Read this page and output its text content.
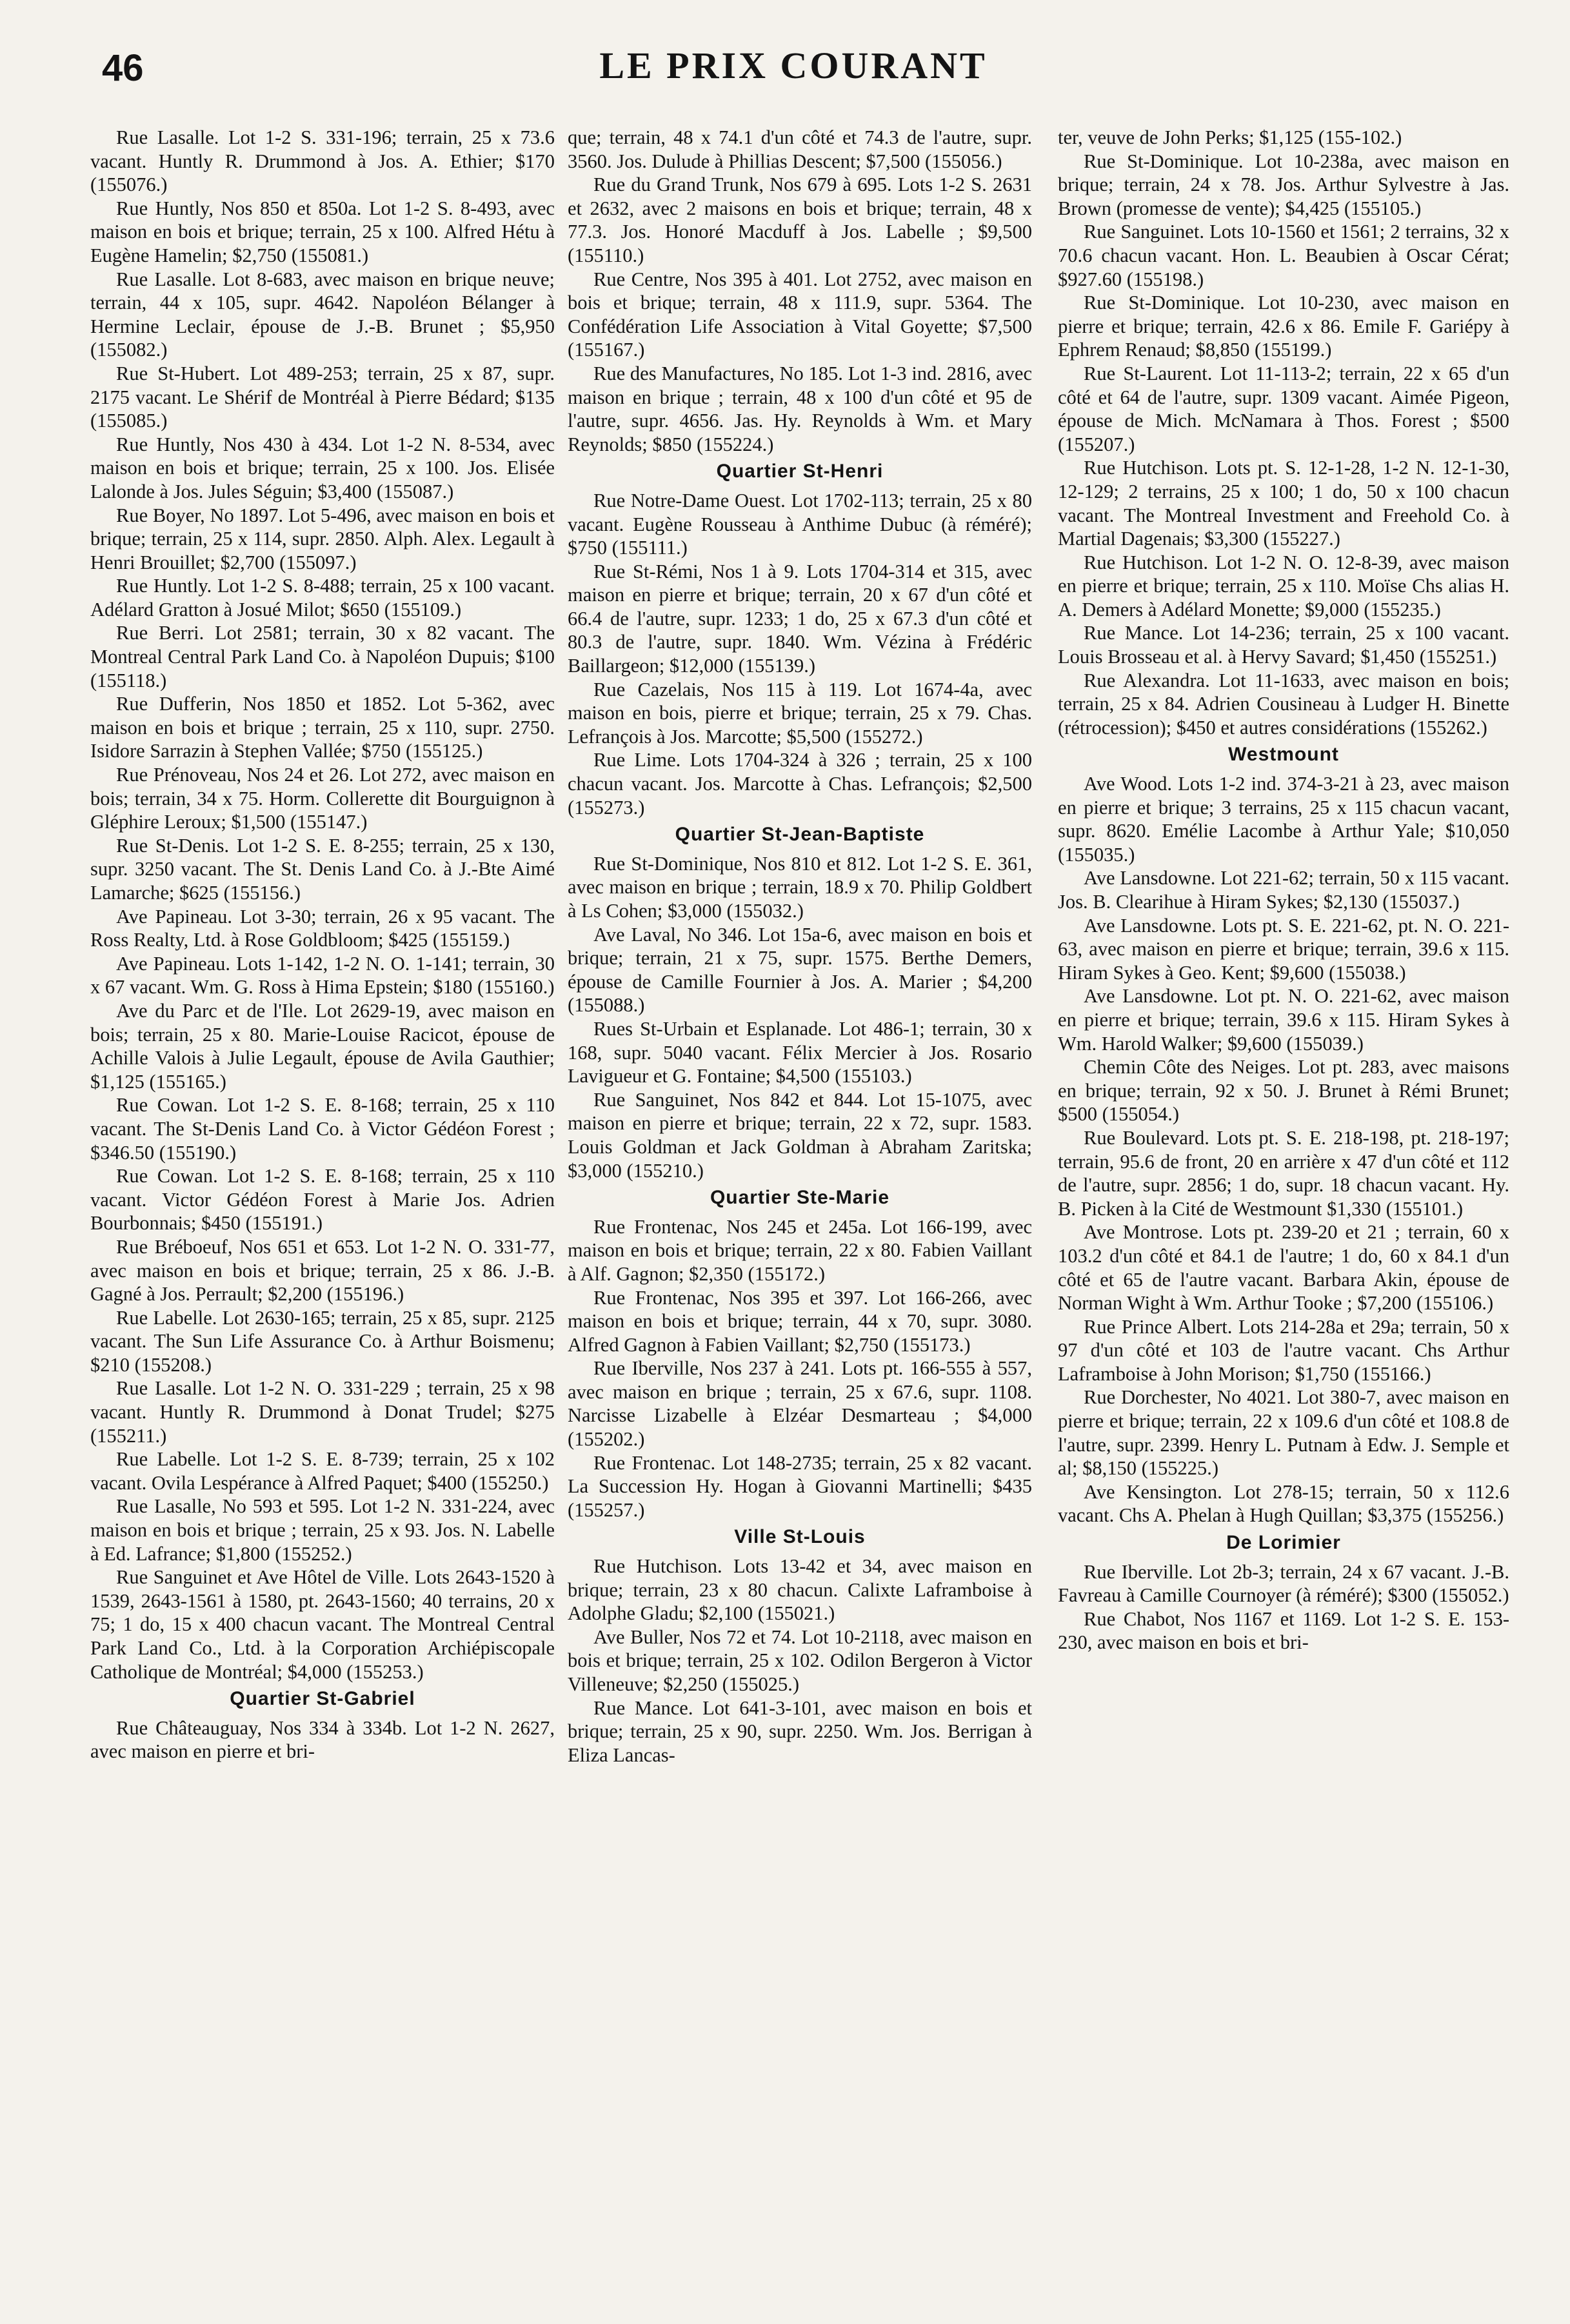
46	LE PRIX COURANT

Rue Lasalle. Lot 1-2 S. 331-196; terrain, 25 x 73.6 vacant. Huntly R. Drummond à Jos. A. Ethier; $170 (155076.)

Rue Huntly, Nos 850 et 850a. Lot 1-2 S. 8-493, avec maison en bois et brique; terrain, 25 x 100. Alfred Hétu à Eugène Hamelin; $2,750 (155081.)

Rue Lasalle. Lot 8-683, avec maison en brique neuve; terrain, 44 x 105, supr. 4642. Napoléon Bélanger à Hermine Leclair, épouse de J.-B. Brunet ; $5,950 (155082.)

Rue St-Hubert. Lot 489-253; terrain, 25 x 87, supr. 2175 vacant. Le Shérif de Montréal à Pierre Bédard; $135 (155085.)

Rue Huntly, Nos 430 à 434. Lot 1-2 N. 8-534, avec maison en bois et brique; terrain, 25 x 100. Jos. Elisée Lalonde à Jos. Jules Séguin; $3,400 (155087.)

Rue Boyer, No 1897. Lot 5-496, avec maison en bois et brique; terrain, 25 x 114, supr. 2850. Alph. Alex. Legault à Henri Brouillet; $2,700 (155097.)

Rue Huntly. Lot 1-2 S. 8-488; terrain, 25 x 100 vacant. Adélard Gratton à Josué Milot; $650 (155109.)

Rue Berri. Lot 2581; terrain, 30 x 82 vacant. The Montreal Central Park Land Co. à Napoléon Dupuis; $100 (155118.)

Rue Dufferin, Nos 1850 et 1852. Lot 5-362, avec maison en bois et brique ; terrain, 25 x 110, supr. 2750. Isidore Sarrazin à Stephen Vallée; $750 (155125.)

Rue Prénoveau, Nos 24 et 26. Lot 272, avec maison en bois; terrain, 34 x 75. Horm. Collerette dit Bourguignon à Gléphire Leroux; $1,500 (155147.)

Rue St-Denis. Lot 1-2 S. E. 8-255; terrain, 25 x 130, supr. 3250 vacant. The St. Denis Land Co. à J.-Bte Aimé Lamarche; $625 (155156.)

Ave Papineau. Lot 3-30; terrain, 26 x 95 vacant. The Ross Realty, Ltd. à Rose Goldbloom; $425 (155159.)

Ave Papineau. Lots 1-142, 1-2 N. O. 1-141; terrain, 30 x 67 vacant. Wm. G. Ross à Hima Epstein; $180 (155160.)

Ave du Parc et de l'Ile. Lot 2629-19, avec maison en bois; terrain, 25 x 80. Marie-Louise Racicot, épouse de Achille Valois à Julie Legault, épouse de Avila Gauthier; $1,125 (155165.)

Rue Cowan. Lot 1-2 S. E. 8-168; terrain, 25 x 110 vacant. The St-Denis Land Co. à Victor Gédéon Forest ; $346.50 (155190.)

Rue Cowan. Lot 1-2 S. E. 8-168; terrain, 25 x 110 vacant. Victor Gédéon Forest à Marie Jos. Adrien Bourbonnais; $450 (155191.)

Rue Bréboeuf, Nos 651 et 653. Lot 1-2 N. O. 331-77, avec maison en bois et brique; terrain, 25 x 86. J.-B. Gagné à Jos. Perrault; $2,200 (155196.)

Rue Labelle. Lot 2630-165; terrain, 25 x 85, supr. 2125 vacant. The Sun Life Assurance Co. à Arthur Boismenu; $210 (155208.)

Rue Lasalle. Lot 1-2 N. O. 331-229 ; terrain, 25 x 98 vacant. Huntly R. Drummond à Donat Trudel; $275 (155211.)

Rue Labelle. Lot 1-2 S. E. 8-739; terrain, 25 x 102 vacant. Ovila Lespérance à Alfred Paquet; $400 (155250.)

Rue Lasalle, No 593 et 595. Lot 1-2 N. 331-224, avec maison en bois et brique ; terrain, 25 x 93. Jos. N. Labelle à Ed. Lafrance; $1,800 (155252.)

Rue Sanguinet et Ave Hôtel de Ville. Lots 2643-1520 à 1539, 2643-1561 à 1580, pt. 2643-1560; 40 terrains, 20 x 75; 1 do, 15 x 400 chacun vacant. The Montreal Central Park Land Co., Ltd. à la Corporation Archiépiscopale Catholique de Montréal; $4,000 (155253.)

Quartier St-Gabriel

Rue Châteauguay, Nos 334 à 334b. Lot 1-2 N. 2627, avec maison en pierre et bri-

que; terrain, 48 x 74.1 d'un côté et 74.3 de l'autre, supr. 3560. Jos. Dulude à Phillias Descent; $7,500 (155056.)

Rue du Grand Trunk, Nos 679 à 695. Lots 1-2 S. 2631 et 2632, avec 2 maisons en bois et brique; terrain, 48 x 77.3. Jos. Honoré Macduff à Jos. Labelle ; $9,500 (155110.)

Rue Centre, Nos 395 à 401. Lot 2752, avec maison en bois et brique; terrain, 48 x 111.9, supr. 5364. The Confédération Life Association à Vital Goyette; $7,500 (155167.)

Rue des Manufactures, No 185. Lot 1-3 ind. 2816, avec maison en brique ; terrain, 48 x 100 d'un côté et 95 de l'autre, supr. 4656. Jas. Hy. Reynolds à Wm. et Mary Reynolds; $850 (155224.)

Quartier St-Henri

Rue Notre-Dame Ouest. Lot 1702-113; terrain, 25 x 80 vacant. Eugène Rousseau à Anthime Dubuc (à réméré); $750 (155111.)

Rue St-Rémi, Nos 1 à 9. Lots 1704-314 et 315, avec maison en pierre et brique; terrain, 20 x 67 d'un côté et 66.4 de l'autre, supr. 1233; 1 do, 25 x 67.3 d'un côté et 80.3 de l'autre, supr. 1840. Wm. Vézina à Frédéric Baillargeon; $12,000 (155139.)

Rue Cazelais, Nos 115 à 119. Lot 1674-4a, avec maison en bois, pierre et brique; terrain, 25 x 79. Chas. Lefrançois à Jos. Marcotte; $5,500 (155272.)

Rue Lime. Lots 1704-324 à 326 ; terrain, 25 x 100 chacun vacant. Jos. Marcotte à Chas. Lefrançois; $2,500 (155273.)

Quartier St-Jean-Baptiste

Rue St-Dominique, Nos 810 et 812. Lot 1-2 S. E. 361, avec maison en brique ; terrain, 18.9 x 70. Philip Goldbert à Ls Cohen; $3,000 (155032.)

Ave Laval, No 346. Lot 15a-6, avec maison en bois et brique; terrain, 21 x 75, supr. 1575. Berthe Demers, épouse de Camille Fournier à Jos. A. Marier ; $4,200 (155088.)

Rues St-Urbain et Esplanade. Lot 486-1; terrain, 30 x 168, supr. 5040 vacant. Félix Mercier à Jos. Rosario Lavigueur et G. Fontaine; $4,500 (155103.)

Rue Sanguinet, Nos 842 et 844. Lot 15-1075, avec maison en pierre et brique; terrain, 22 x 72, supr. 1583. Louis Goldman et Jack Goldman à Abraham Zaritska; $3,000 (155210.)

Quartier Ste-Marie

Rue Frontenac, Nos 245 et 245a. Lot 166-199, avec maison en bois et brique; terrain, 22 x 80. Fabien Vaillant à Alf. Gagnon; $2,350 (155172.)

Rue Frontenac, Nos 395 et 397. Lot 166-266, avec maison en bois et brique; terrain, 44 x 70, supr. 3080. Alfred Gagnon à Fabien Vaillant; $2,750 (155173.)

Rue Iberville, Nos 237 à 241. Lots pt. 166-555 à 557, avec maison en brique ; terrain, 25 x 67.6, supr. 1108. Narcisse Lizabelle à Elzéar Desmarteau ; $4,000 (155202.)

Rue Frontenac. Lot 148-2735; terrain, 25 x 82 vacant. La Succession Hy. Hogan à Giovanni Martinelli; $435 (155257.)

Ville St-Louis

Rue Hutchison. Lots 13-42 et 34, avec maison en brique; terrain, 23 x 80 chacun. Calixte Laframboise à Adolphe Gladu; $2,100 (155021.)

Ave Buller, Nos 72 et 74. Lot 10-2118, avec maison en bois et brique; terrain, 25 x 102. Odilon Bergeron à Victor Villeneuve; $2,250 (155025.)

Rue Mance. Lot 641-3-101, avec maison en bois et brique; terrain, 25 x 90, supr. 2250. Wm. Jos. Berrigan à Eliza Lancas-

ter, veuve de John Perks; $1,125 (155-102.)

Rue St-Dominique. Lot 10-238a, avec maison en brique; terrain, 24 x 78. Jos. Arthur Sylvestre à Jas. Brown (promesse de vente); $4,425 (155105.)

Rue Sanguinet. Lots 10-1560 et 1561; 2 terrains, 32 x 70.6 chacun vacant. Hon. L. Beaubien à Oscar Cérat; $927.60 (155198.)

Rue St-Dominique. Lot 10-230, avec maison en pierre et brique; terrain, 42.6 x 86. Emile F. Gariépy à Ephrem Renaud; $8,850 (155199.)

Rue St-Laurent. Lot 11-113-2; terrain, 22 x 65 d'un côté et 64 de l'autre, supr. 1309 vacant. Aimée Pigeon, épouse de Mich. McNamara à Thos. Forest ; $500 (155207.)

Rue Hutchison. Lots pt. S. 12-1-28, 1-2 N. 12-1-30, 12-129; 2 terrains, 25 x 100; 1 do, 50 x 100 chacun vacant. The Montreal Investment and Freehold Co. à Martial Dagenais; $3,300 (155227.)

Rue Hutchison. Lot 1-2 N. O. 12-8-39, avec maison en pierre et brique; terrain, 25 x 110. Moïse Chs alias H. A. Demers à Adélard Monette; $9,000 (155235.)

Rue Mance. Lot 14-236; terrain, 25 x 100 vacant. Louis Brosseau et al. à Hervy Savard; $1,450 (155251.)

Rue Alexandra. Lot 11-1633, avec maison en bois; terrain, 25 x 84. Adrien Cousineau à Ludger H. Binette (rétrocession); $450 et autres considérations (155262.)

Westmount

Ave Wood. Lots 1-2 ind. 374-3-21 à 23, avec maison en pierre et brique; 3 terrains, 25 x 115 chacun vacant, supr. 8620. Emélie Lacombe à Arthur Yale; $10,050 (155035.)

Ave Lansdowne. Lot 221-62; terrain, 50 x 115 vacant. Jos. B. Clearihue à Hiram Sykes; $2,130 (155037.)

Ave Lansdowne. Lots pt. S. E. 221-62, pt. N. O. 221-63, avec maison en pierre et brique; terrain, 39.6 x 115. Hiram Sykes à Geo. Kent; $9,600 (155038.)

Ave Lansdowne. Lot pt. N. O. 221-62, avec maison en pierre et brique; terrain, 39.6 x 115. Hiram Sykes à Wm. Harold Walker; $9,600 (155039.)

Chemin Côte des Neiges. Lot pt. 283, avec maisons en brique; terrain, 92 x 50. J. Brunet à Rémi Brunet; $500 (155054.)

Rue Boulevard. Lots pt. S. E. 218-198, pt. 218-197; terrain, 95.6 de front, 20 en arrière x 47 d'un côté et 112 de l'autre, supr. 2856; 1 do, supr. 18 chacun vacant. Hy. B. Picken à la Cité de Westmount $1,330 (155101.)

Ave Montrose. Lots pt. 239-20 et 21 ; terrain, 60 x 103.2 d'un côté et 84.1 de l'autre; 1 do, 60 x 84.1 d'un côté et 65 de l'autre vacant. Barbara Akin, épouse de Norman Wight à Wm. Arthur Tooke ; $7,200 (155106.)

Rue Prince Albert. Lots 214-28a et 29a; terrain, 50 x 97 d'un côté et 103 de l'autre vacant. Chs Arthur Laframboise à John Morison; $1,750 (155166.)

Rue Dorchester, No 4021. Lot 380-7, avec maison en pierre et brique; terrain, 22 x 109.6 d'un côté et 108.8 de l'autre, supr. 2399. Henry L. Putnam à Edw. J. Semple et al; $8,150 (155225.)

Ave Kensington. Lot 278-15; terrain, 50 x 112.6 vacant. Chs A. Phelan à Hugh Quillan; $3,375 (155256.)

De Lorimier

Rue Iberville. Lot 2b-3; terrain, 24 x 67 vacant. J.-B. Favreau à Camille Cournoyer (à réméré); $300 (155052.)

Rue Chabot, Nos 1167 et 1169. Lot 1-2 S. E. 153-230, avec maison en bois et bri-
